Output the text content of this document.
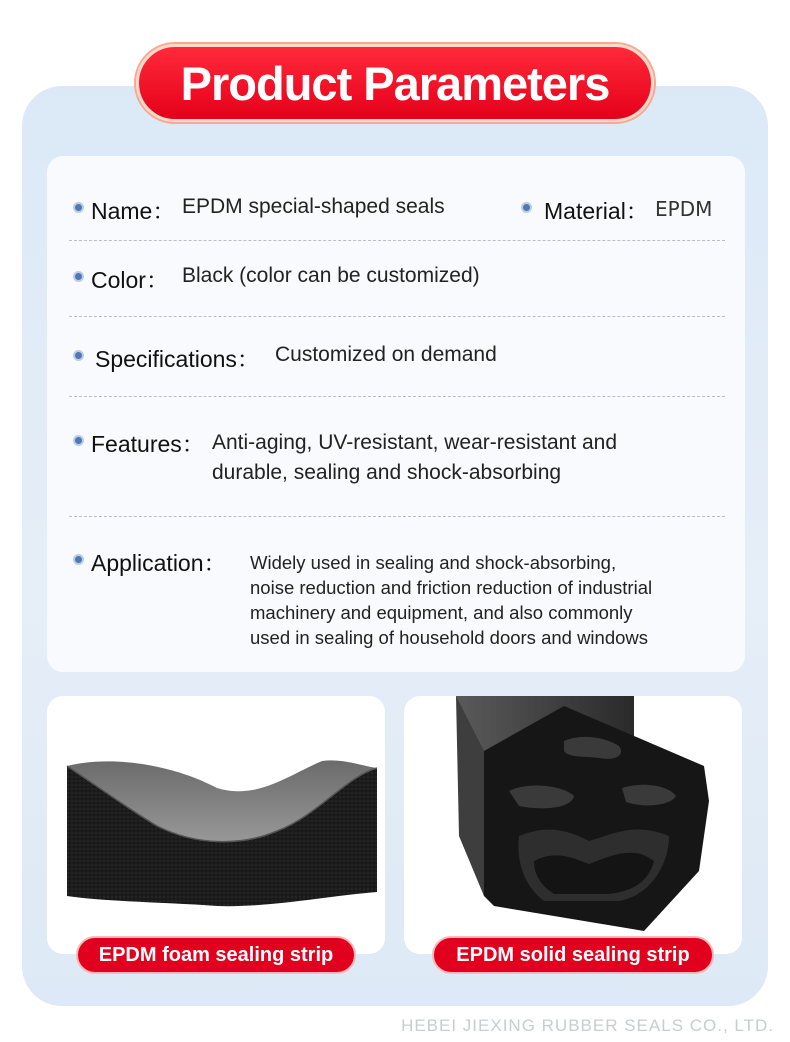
Product Parameters
Name： EPDM special-shaped seals	Material： EPDM
Color： Black (color can be customized)
Specifications： Customized on demand
Features： Anti-aging, UV-resistant, wear-resistant and
durable, sealing and shock-absorbing
Application： Widely used in sealing and shock-absorbing,
noise reduction and friction reduction of industrial
machinery and equipment, and also commonly
used in sealing of household doors and windows
EPDM foam sealing strip	EPDM solid sealing strip
HEBEI JIEXING RUBBER SEALS CO., LTD.
